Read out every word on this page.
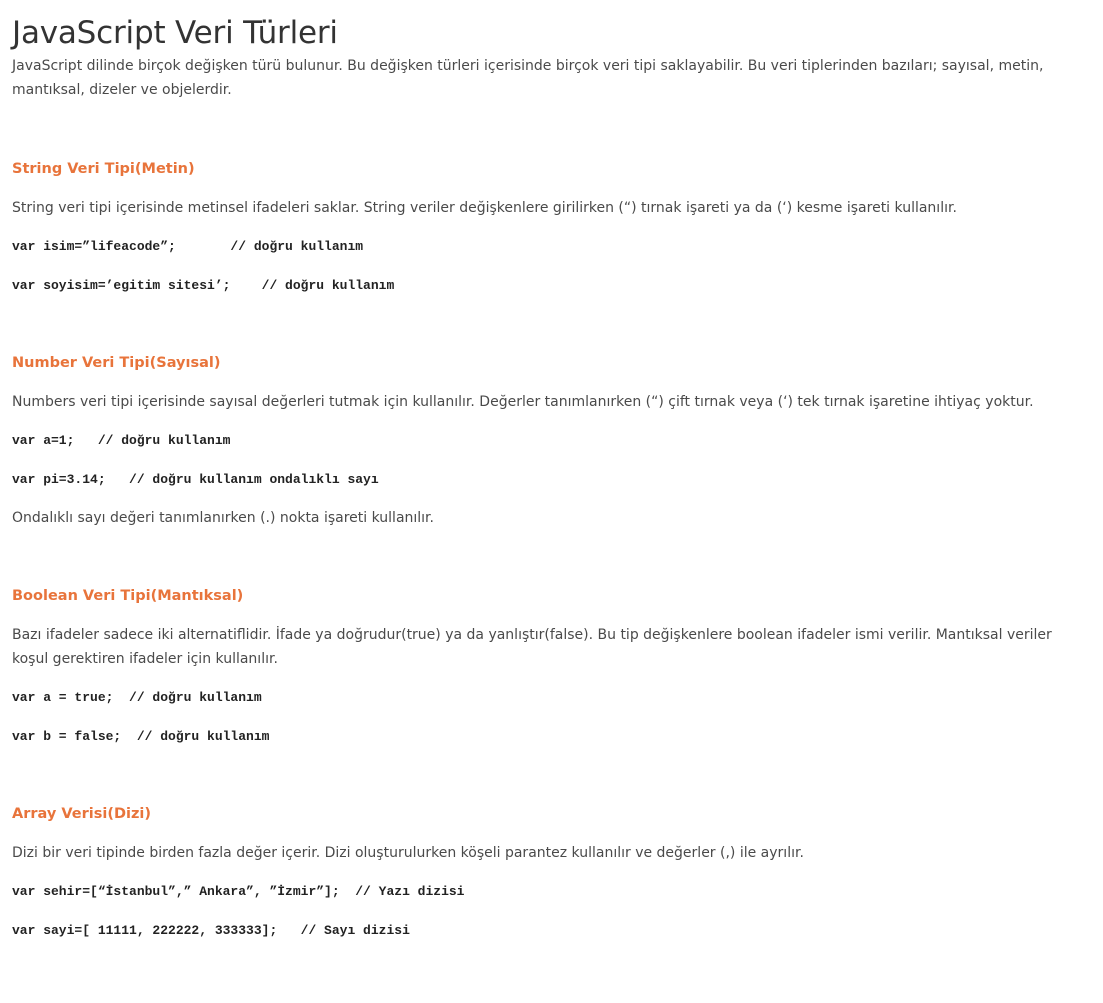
JavaScript Veri Türleri

JavaScript dilinde birçok değişken türü bulunur. Bu değişken türleri içerisinde birçok veri tipi saklayabilir. Bu veri tiplerinden bazıları; sayısal, metin, mantıksal, dizeler ve objelerdir.

String Veri Tipi(Metin)

String veri tipi içerisinde metinsel ifadeleri saklar. String veriler değişkenlere girilirken (“) tırnak işareti ya da (‘) kesme işareti kullanılır.

var isim=”lifeacode”;       // doğru kullanım
var soyisim=’egitim sitesi’;    // doğru kullanım
Number Veri Tipi(Sayısal)

Numbers veri tipi içerisinde sayısal değerleri tutmak için kullanılır. Değerler tanımlanırken (“) çift tırnak veya (‘) tek tırnak işaretine ihtiyaç yoktur.

var a=1;   // doğru kullanım
var pi=3.14;   // doğru kullanım ondalıklı sayı

Ondalıklı sayı değeri tanımlanırken (.) nokta işareti kullanılır.

Boolean Veri Tipi(Mantıksal)

Bazı ifadeler sadece iki alternatiflidir. İfade ya doğrudur(true) ya da yanlıştır(false). Bu tip değişkenlere boolean ifadeler ismi verilir. Mantıksal veriler koşul gerektiren ifadeler için kullanılır.

var a = true;  // doğru kullanım
var b = false;  // doğru kullanım
Array Verisi(Dizi)

Dizi bir veri tipinde birden fazla değer içerir. Dizi oluşturulurken köşeli parantez kullanılır ve değerler (,) ile ayrılır.

var sehir=[“İstanbul”,” Ankara”, ”İzmir”];  // Yazı dizisi
var sayi=[ 11111, 222222, 333333];   // Sayı dizisi
